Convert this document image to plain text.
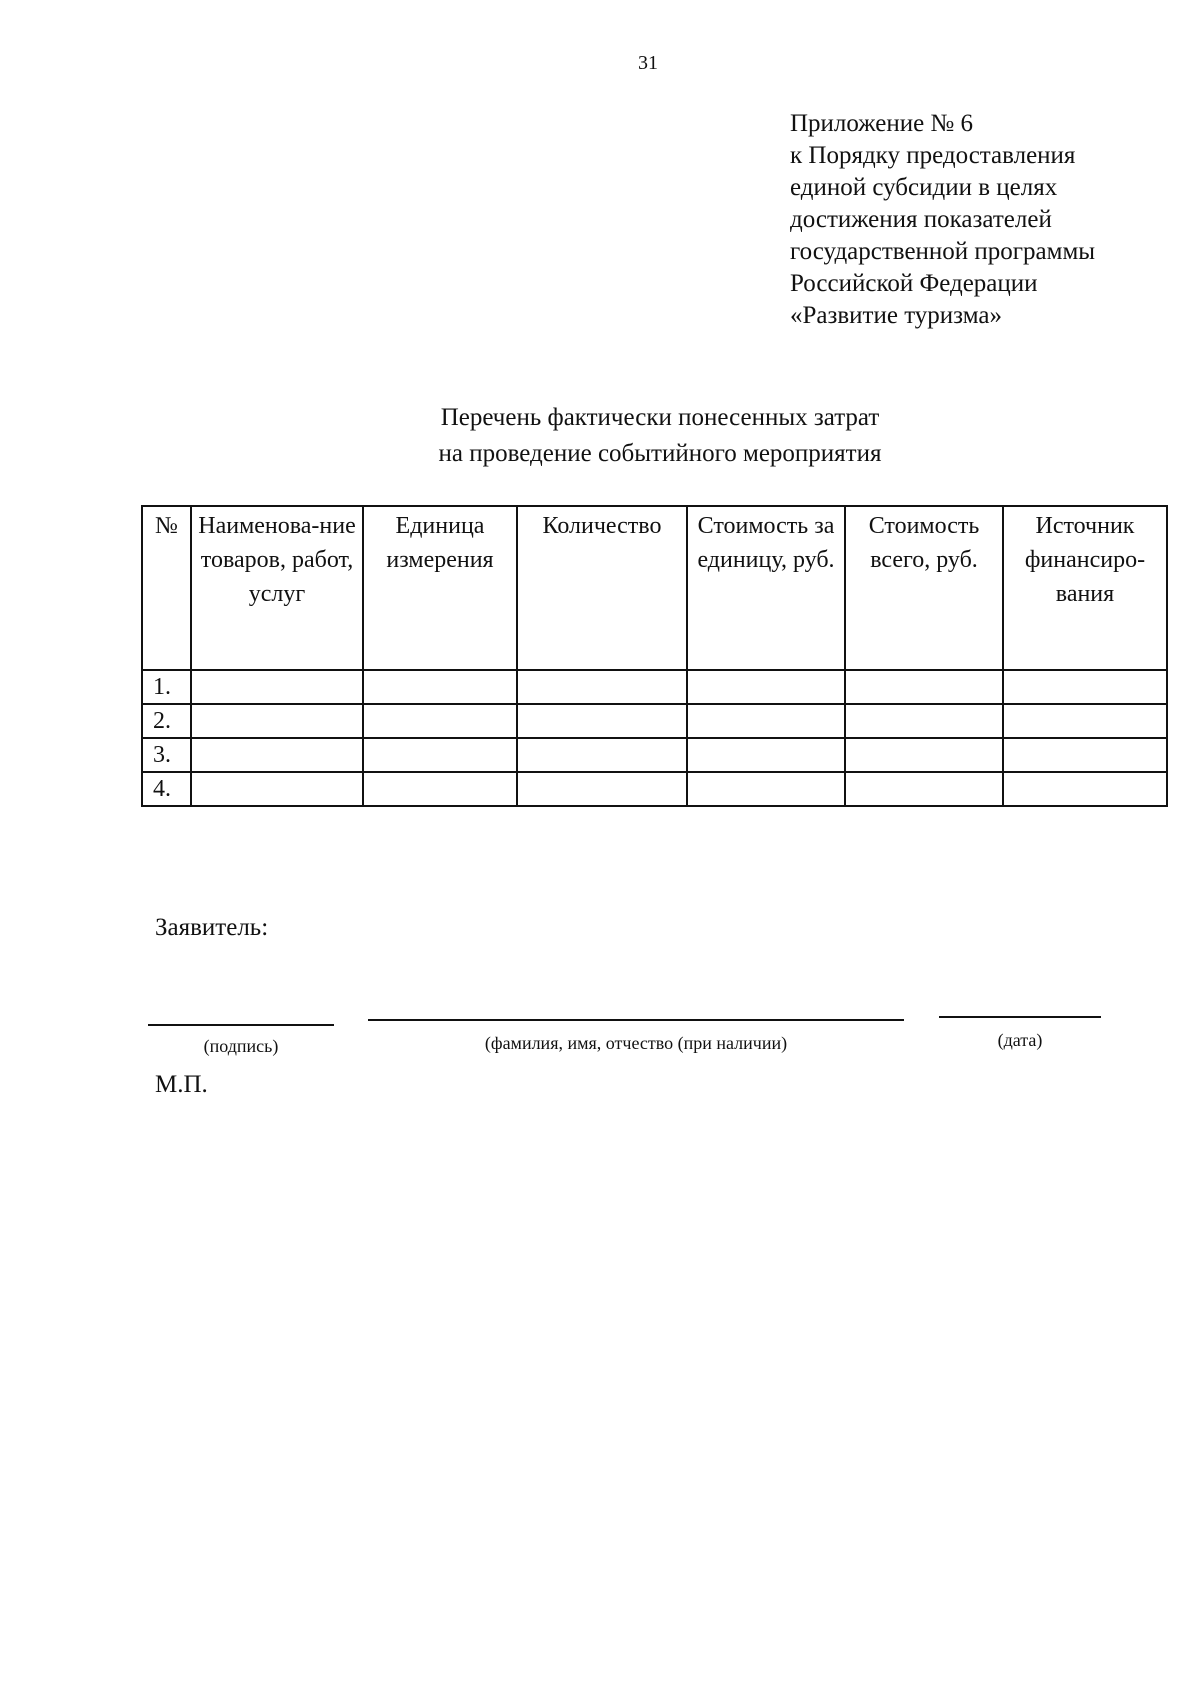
31
Приложение № 6
к Порядку предоставления
единой субсидии в целях
достижения показателей
государственной программы
Российской Федерации
«Развитие туризма»
Перечень фактически понесенных затрат
на проведение событийного мероприятия
№	Наименова-ние товаров, работ, услуг	Единица измерения	Количество	Стоимость за единицу, руб.	Стоимость всего, руб.	Источник финансиро-вания
1.						
2.						
3.						
4.						
Заявитель:
(подпись)	(фамилия, имя, отчество (при наличии)	(дата)
М.П.
